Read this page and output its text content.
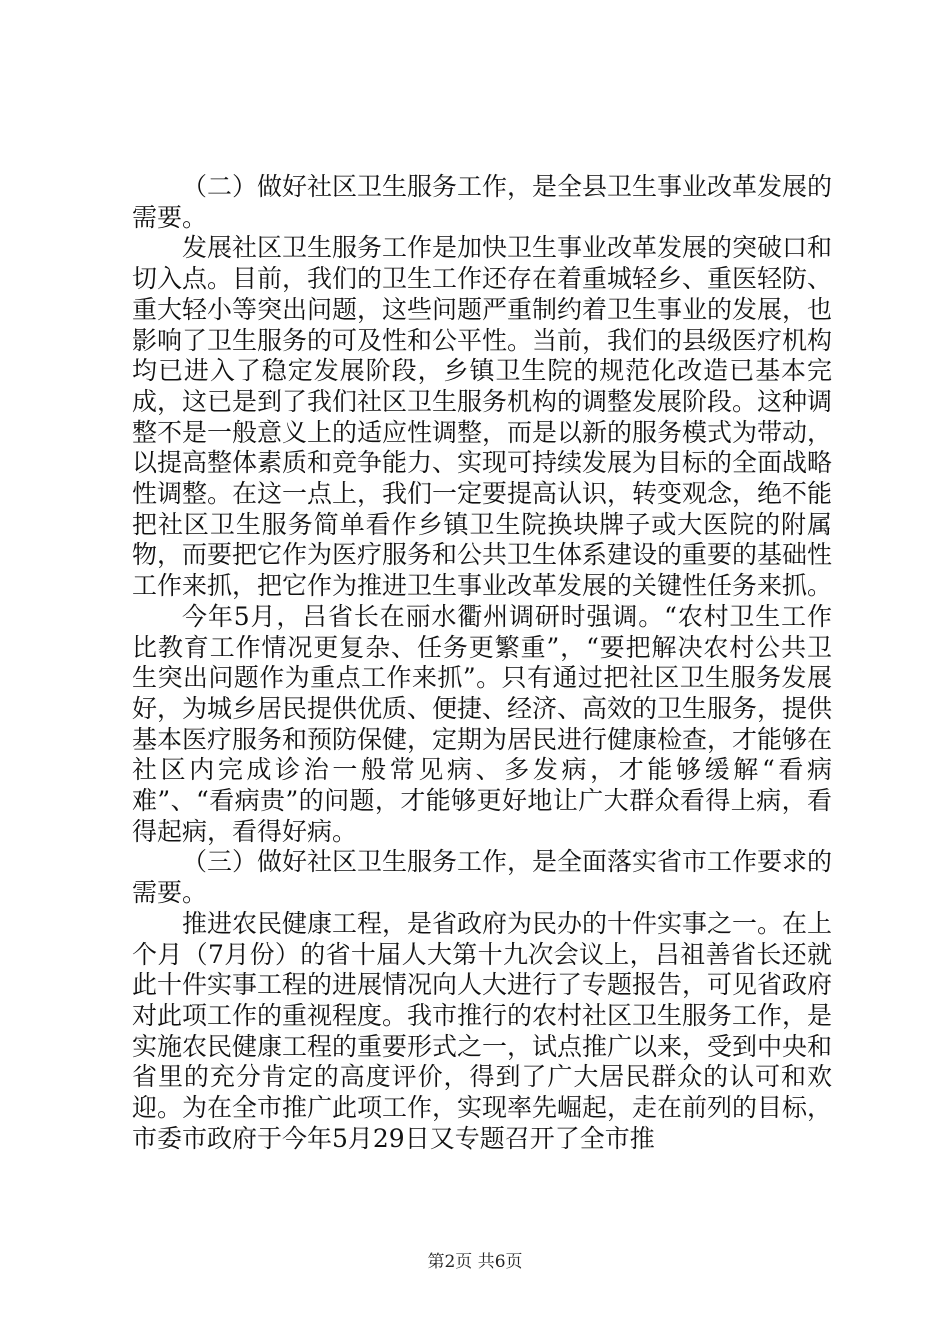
（二）做好社区卫生服务工作，是全县卫生事业改革发展的需要。

发展社区卫生服务工作是加快卫生事业改革发展的突破口和切入点。目前，我们的卫生工作还存在着重城轻乡、重医轻防、重大轻小等突出问题，这些问题严重制约着卫生事业的发展，也影响了卫生服务的可及性和公平性。当前，我们的县级医疗机构均已进入了稳定发展阶段，乡镇卫生院的规范化改造已基本完成，这已是到了我们社区卫生服务机构的调整发展阶段。这种调整不是一般意义上的适应性调整，而是以新的服务模式为带动，以提高整体素质和竞争能力、实现可持续发展为目标的全面战略性调整。在这一点上，我们一定要提高认识，转变观念，绝不能把社区卫生服务简单看作乡镇卫生院换块牌子或大医院的附属物，而要把它作为医疗服务和公共卫生体系建设的重要的基础性工作来抓，把它作为推进卫生事业改革发展的关键性任务来抓。

今年5月，吕省长在丽水衢州调研时强调。“农村卫生工作比教育工作情况更复杂、任务更繁重”，“要把解决农村公共卫生突出问题作为重点工作来抓”。只有通过把社区卫生服务发展好，为城乡居民提供优质、便捷、经济、高效的卫生服务，提供基本医疗服务和预防保健，定期为居民进行健康检查，才能够在社区内完成诊治一般常见病、多发病，才能够缓解“看病难”、“看病贵”的问题，才能够更好地让广大群众看得上病，看得起病，看得好病。

（三）做好社区卫生服务工作，是全面落实省市工作要求的需要。

推进农民健康工程，是省政府为民办的十件实事之一。在上个月（7月份）的省十届人大第十九次会议上，吕祖善省长还就此十件实事工程的进展情况向人大进行了专题报告，可见省政府对此项工作的重视程度。我市推行的农村社区卫生服务工作，是实施农民健康工程的重要形式之一，试点推广以来，受到中央和省里的充分肯定的高度评价，得到了广大居民群众的认可和欢迎。为在全市推广此项工作，实现率先崛起，走在前列的目标，市委市政府于今年5月29日又专题召开了全市推

第2页 共6页
